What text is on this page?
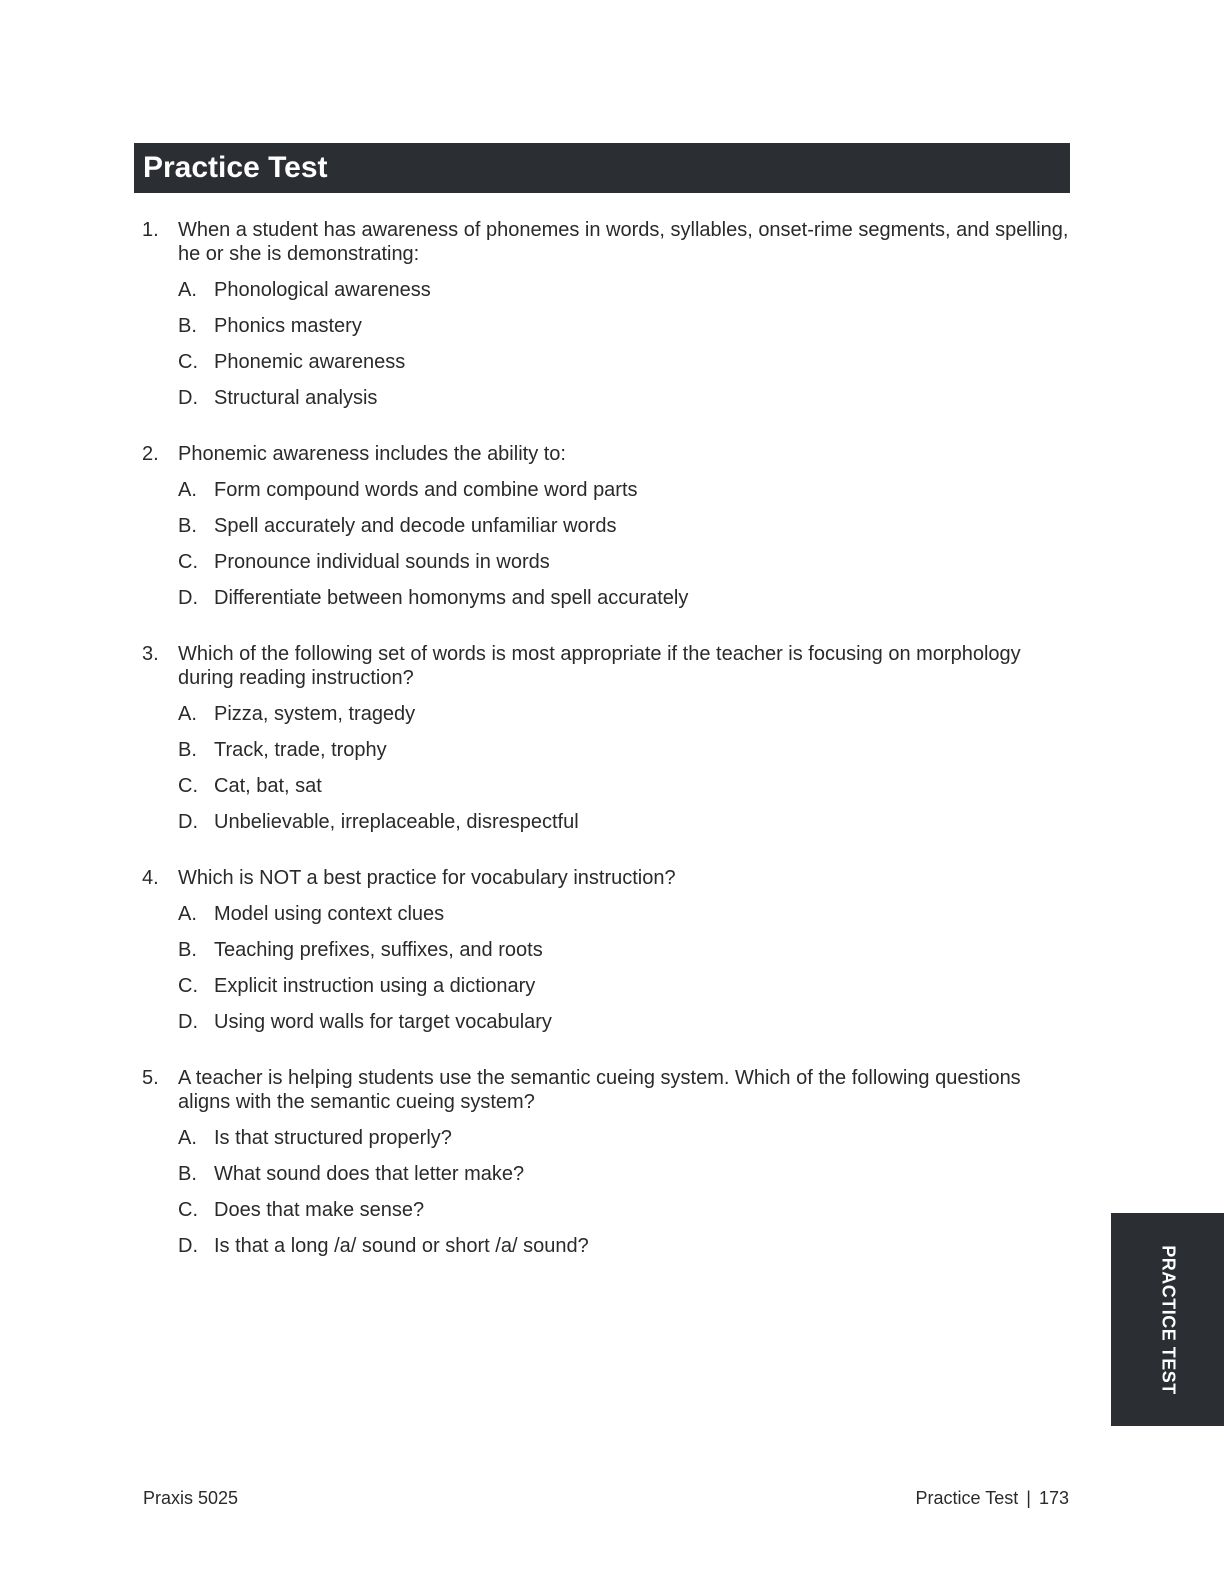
Practice Test
1. When a student has awareness of phonemes in words, syllables, onset-rime segments, and spelling, he or she is demonstrating:
A. Phonological awareness
B. Phonics mastery
C. Phonemic awareness
D. Structural analysis
2. Phonemic awareness includes the ability to:
A. Form compound words and combine word parts
B. Spell accurately and decode unfamiliar words
C. Pronounce individual sounds in words
D. Differentiate between homonyms and spell accurately
3. Which of the following set of words is most appropriate if the teacher is focusing on morphology during reading instruction?
A. Pizza, system, tragedy
B. Track, trade, trophy
C. Cat, bat, sat
D. Unbelievable, irreplaceable, disrespectful
4. Which is NOT a best practice for vocabulary instruction?
A. Model using context clues
B. Teaching prefixes, suffixes, and roots
C. Explicit instruction using a dictionary
D. Using word walls for target vocabulary
5. A teacher is helping students use the semantic cueing system. Which of the following questions aligns with the semantic cueing system?
A. Is that structured properly?
B. What sound does that letter make?
C. Does that make sense?
D. Is that a long /a/ sound or short /a/ sound?	PRACTICE TEST
Praxis 5025	Practice Test | 173
